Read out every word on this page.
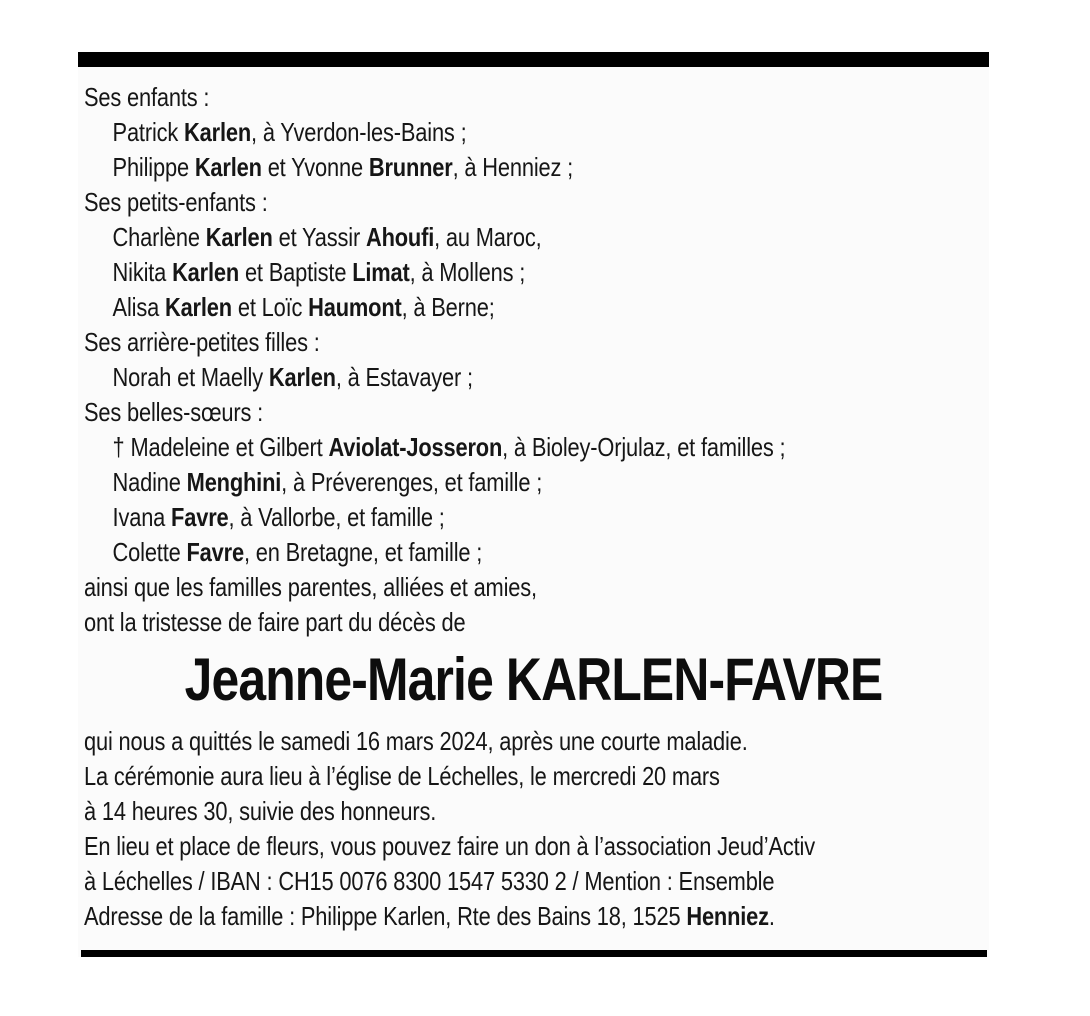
Ses enfants :
Patrick Karlen, à Yverdon-les-Bains ;
Philippe Karlen et Yvonne Brunner, à Henniez ;
Ses petits-enfants :
Charlène Karlen et Yassir Ahoufi, au Maroc,
Nikita Karlen et Baptiste Limat, à Mollens ;
Alisa Karlen et Loïc Haumont, à Berne;
Ses arrière-petites filles :
Norah et Maelly Karlen, à Estavayer ;
Ses belles-sœurs :
† Madeleine et Gilbert Aviolat-Josseron, à Bioley-Orjulaz, et familles ;
Nadine Menghini, à Préverenges, et famille ;
Ivana Favre, à Vallorbe, et famille ;
Colette Favre, en Bretagne, et famille ;
ainsi que les familles parentes, alliées et amies,
ont la tristesse de faire part du décès de
Jeanne-Marie KARLEN-FAVRE
qui nous a quittés le samedi 16 mars 2024, après une courte maladie.
La cérémonie aura lieu à l’église de Léchelles, le mercredi 20 mars
à 14 heures 30, suivie des honneurs.
En lieu et place de fleurs, vous pouvez faire un don à l’association Jeud’Activ
à Léchelles / IBAN : CH15 0076 8300 1547 5330 2 / Mention : Ensemble
Adresse de la famille : Philippe Karlen, Rte des Bains 18, 1525 Henniez.
